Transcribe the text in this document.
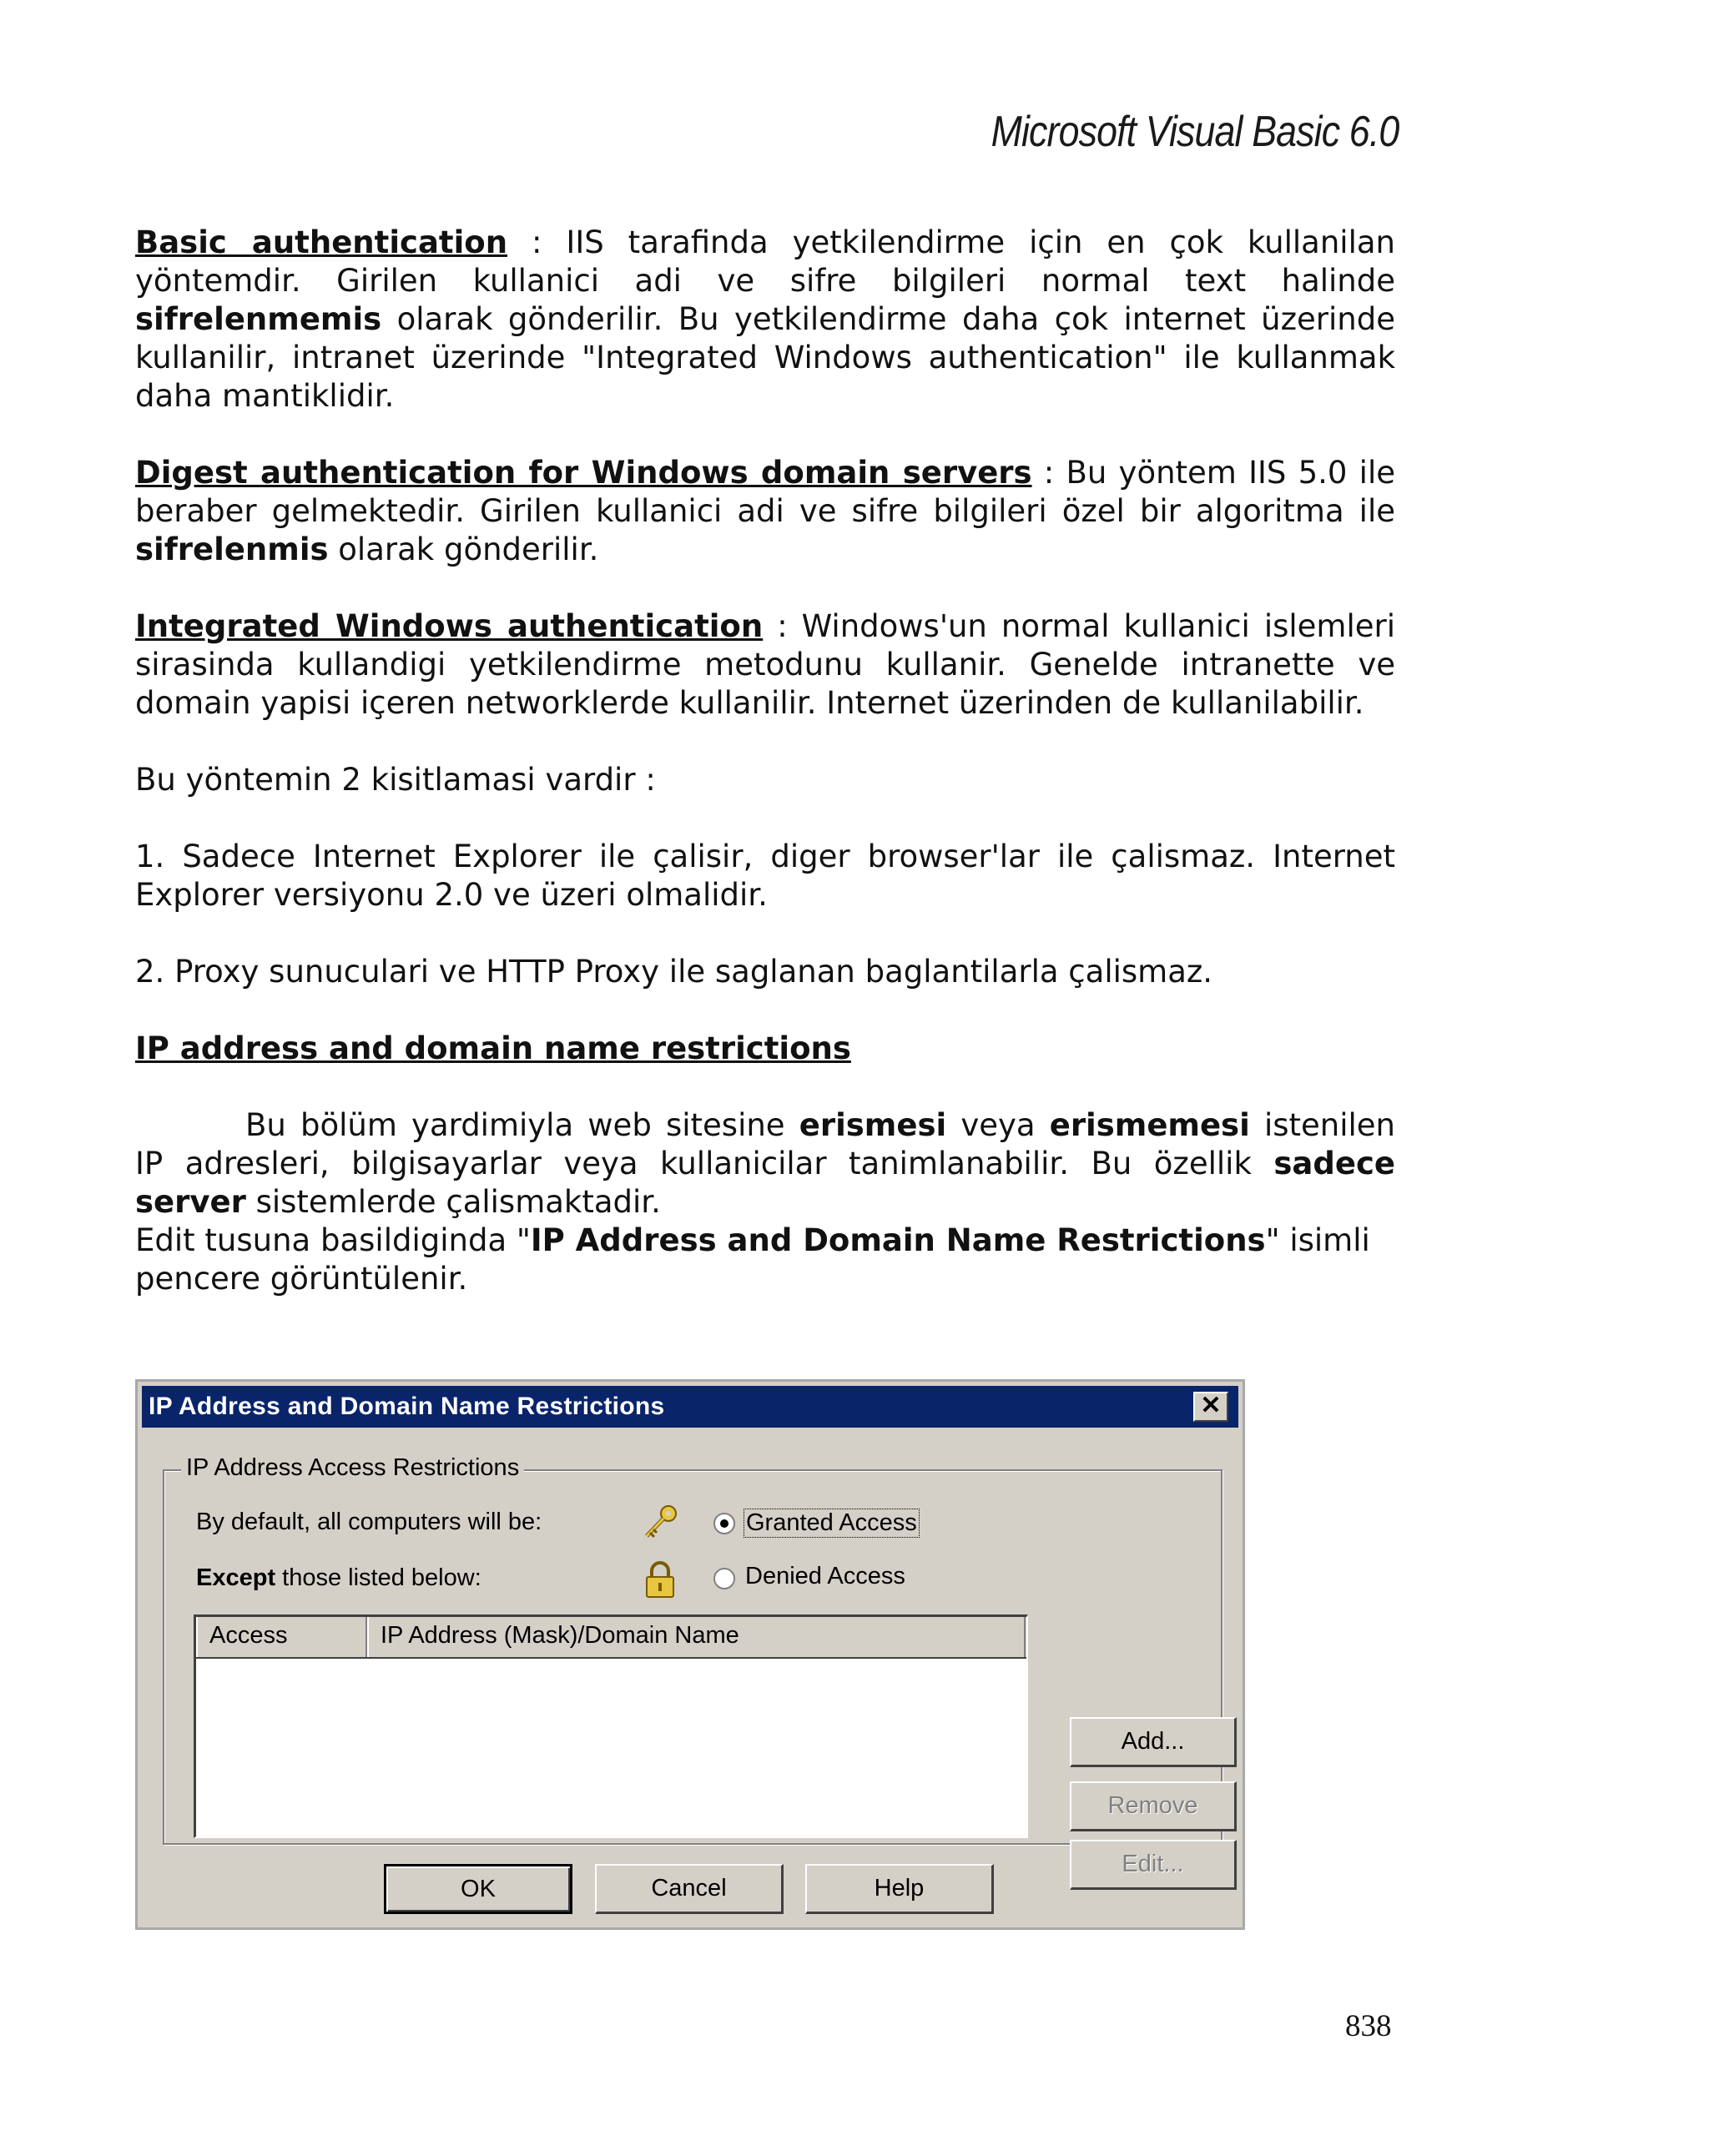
Microsoft Visual Basic 6.0

Basic authentication : IIS tarafinda yetkilendirme için en çok kullanilan yöntemdir. Girilen kullanici adi ve sifre bilgileri normal text halinde sifrelenmemis olarak gönderilir. Bu yetkilendirme daha çok internet üzerinde kullanilir, intranet üzerinde "Integrated Windows authentication" ile kullanmak daha mantiklidir.

Digest authentication for Windows domain servers : Bu yöntem IIS 5.0 ile beraber gelmektedir. Girilen kullanici adi ve sifre bilgileri özel bir algoritma ile sifrelenmis olarak gönderilir.

Integrated Windows authentication : Windows'un normal kullanici islemleri sirasinda kullandigi yetkilendirme metodunu kullanir. Genelde intranette ve domain yapisi içeren networklerde kullanilir. Internet üzerinden de kullanilabilir.

Bu yöntemin 2 kisitlamasi vardir :

1. Sadece Internet Explorer ile çalisir, diger browser'lar ile çalismaz. Internet Explorer versiyonu 2.0 ve üzeri olmalidir.

2. Proxy sunuculari ve HTTP Proxy ile saglanan baglantilarla çalismaz.

IP address and domain name restrictions

Bu bölüm yardimiyla web sitesine erismesi veya erismemesi istenilen IP adresleri, bilgisayarlar veya kullanicilar tanimlanabilir. Bu özellik sadece server sistemlerde çalismaktadir.

Edit tusuna basildiginda "IP Address and Domain Name Restrictions" isimli pencere görüntülenir.

IP Address and Domain Name Restrictions	✕
IP Address Access Restrictions
By default, all computers will be:
Except those listed below:
Granted Access
Denied Access
Access	IP Address (Mask)/Domain Name
Add...
Remove
Edit...
OK	Cancel	Help
838
